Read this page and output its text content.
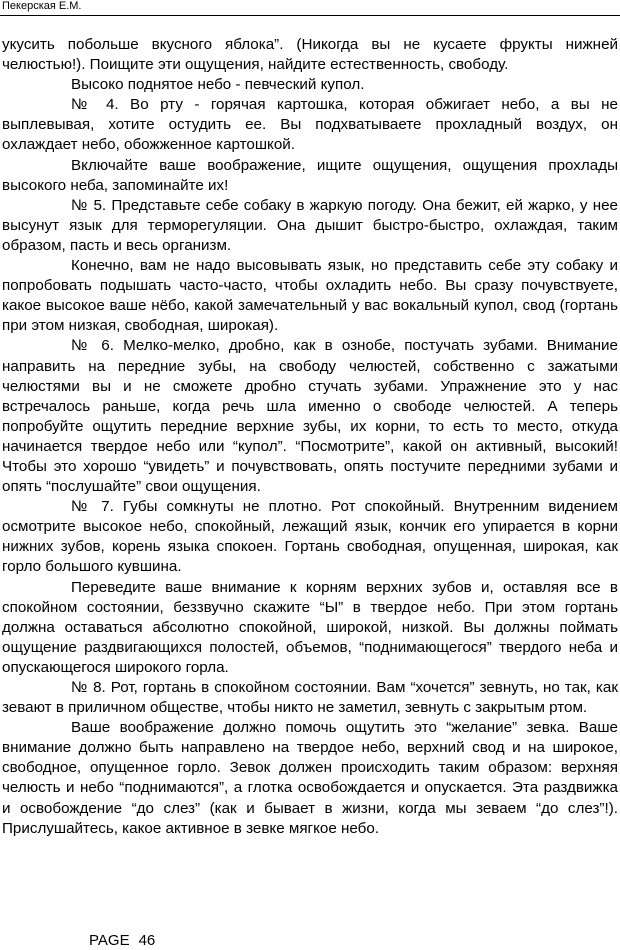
Пекерская Е.М.

укусить побольше вкусного яблока”. (Никогда вы не кусаете фрукты нижней челюстью!). Поищите эти ощущения, найдите естественность, свободу.

Высоко поднятое небо - певческий купол.

№ 4. Во рту - горячая картошка, которая обжигает небо, а вы не выплевывая, хотите остудить ее. Вы подхватываете прохладный воздух, он охлаждает небо, обожженное картошкой.

Включайте ваше воображение, ищите ощущения, ощущения прохлады высокого неба, запоминайте их!

№ 5. Представьте себе собаку в жаркую погоду. Она бежит, ей жарко, у нее высунут язык для терморегуляции. Она дышит быстро-быстро, охлаждая, таким образом, пасть и весь организм.

Конечно, вам не надо высовывать язык, но представить себе эту собаку и попробовать подышать часто-часто, чтобы охладить небо. Вы сразу почувствуете, какое высокое ваше нёбо, какой замечательный у вас вокальный купол, свод (гортань при этом низкая, свободная, широкая).

№ 6. Мелко-мелко, дробно, как в ознобе, постучать зубами. Внимание направить на передние зубы, на свободу челюстей, собственно с зажатыми челюстями вы и не сможете дробно стучать зубами. Упражнение это у нас встречалось раньше, когда речь шла именно о свободе челюстей. А теперь попробуйте ощутить передние верхние зубы, их корни, то есть то место, откуда начинается твердое небо или “купол”. “Посмотрите”, какой он активный, высокий! Чтобы это хорошо “увидеть” и почувствовать, опять постучите передними зубами и опять “послушайте” свои ощущения.

№ 7. Губы сомкнуты не плотно. Рот спокойный. Внутренним видением осмотрите высокое небо, спокойный, лежащий язык, кончик его упирается в корни нижних зубов, корень языка спокоен. Гортань свободная, опущенная, широкая, как горло большого кувшина.

Переведите ваше внимание к корням верхних зубов и, оставляя все в спокойном состоянии, беззвучно скажите “Ы” в твердое небо. При этом гортань должна оставаться абсолютно спокойной, широкой, низкой. Вы должны поймать ощущение раздвигающихся полостей, объемов, “поднимающегося” твердого неба и опускающегося широкого горла.

№ 8. Рот, гортань в спокойном состоянии. Вам “хочется” зевнуть, но так, как зевают в приличном обществе, чтобы никто не заметил, зевнуть с закрытым ртом.

Ваше воображение должно помочь ощутить это “желание” зевка. Ваше внимание должно быть направлено на твердое небо, верхний свод и на широкое, свободное, опущенное горло. Зевок должен происходить таким образом: верхняя челюсть и небо “поднимаются”, а глотка освобождается и опускается. Эта раздвижка и освобождение “до слез” (как и бывает в жизни, когда мы зеваем “до слез”!). Прислушайтесь, какое активное в зевке мягкое небо.

PAGE 46
